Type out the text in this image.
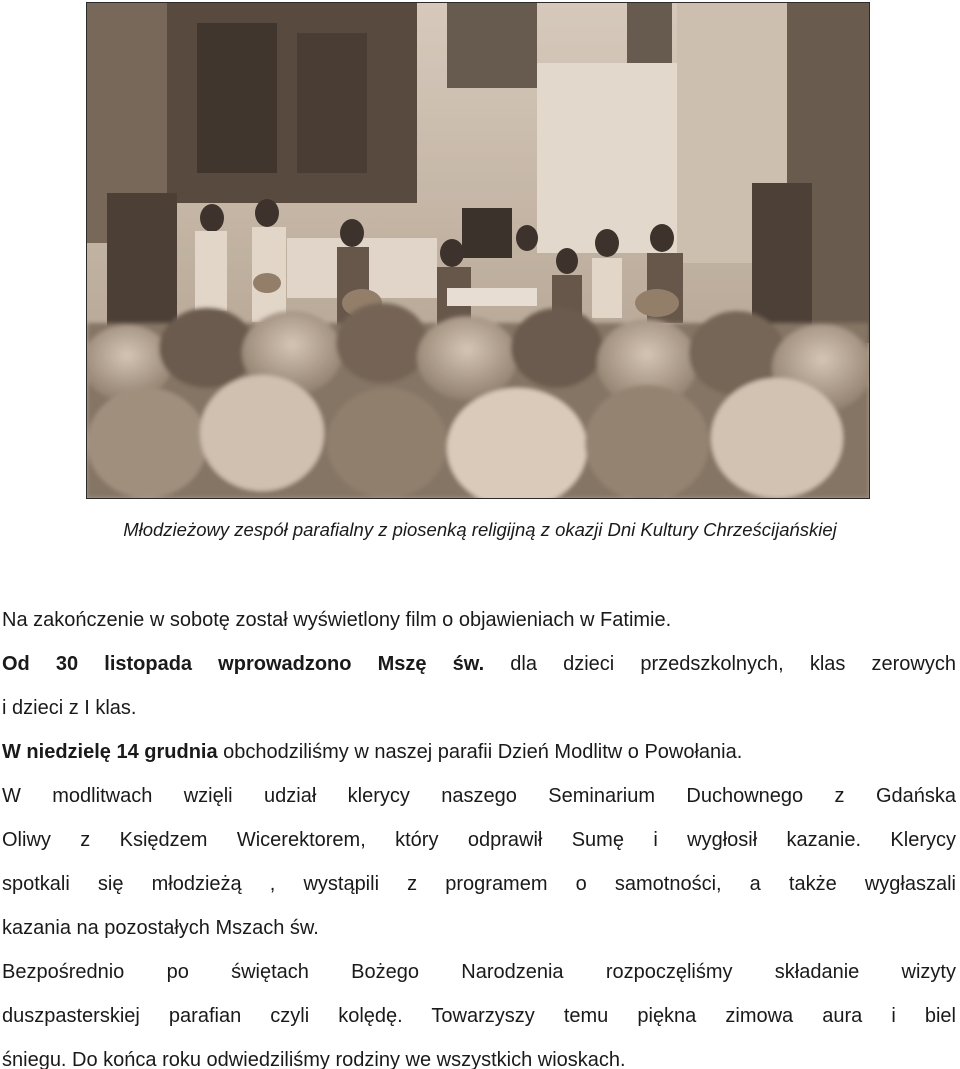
Młodzieżowy zespół parafialny z piosenką religijną z okazji Dni Kultury Chrześcijańskiej

Na zakończenie w sobotę został wyświetlony film o objawieniach w Fatimie.

Od 30 listopada wprowadzono Mszę św. dla dzieci przedszkolnych, klas zerowych

i dzieci z I klas.

W niedzielę 14 grudnia obchodziliśmy w naszej parafii Dzień Modlitw o Powołania.

W modlitwach wzięli udział klerycy naszego Seminarium Duchownego z Gdańska

Oliwy z Księdzem Wicerektorem, który odprawił Sumę i wygłosił kazanie. Klerycy

spotkali się młodzieżą , wystąpili z programem o samotności, a także wygłaszali

kazania na pozostałych Mszach św.

Bezpośrednio po świętach Bożego Narodzenia rozpoczęliśmy składanie wizyty

duszpasterskiej parafian czyli kolędę. Towarzyszy temu piękna zimowa aura i biel

śniegu. Do końca roku odwiedziliśmy rodziny we wszystkich wioskach.
